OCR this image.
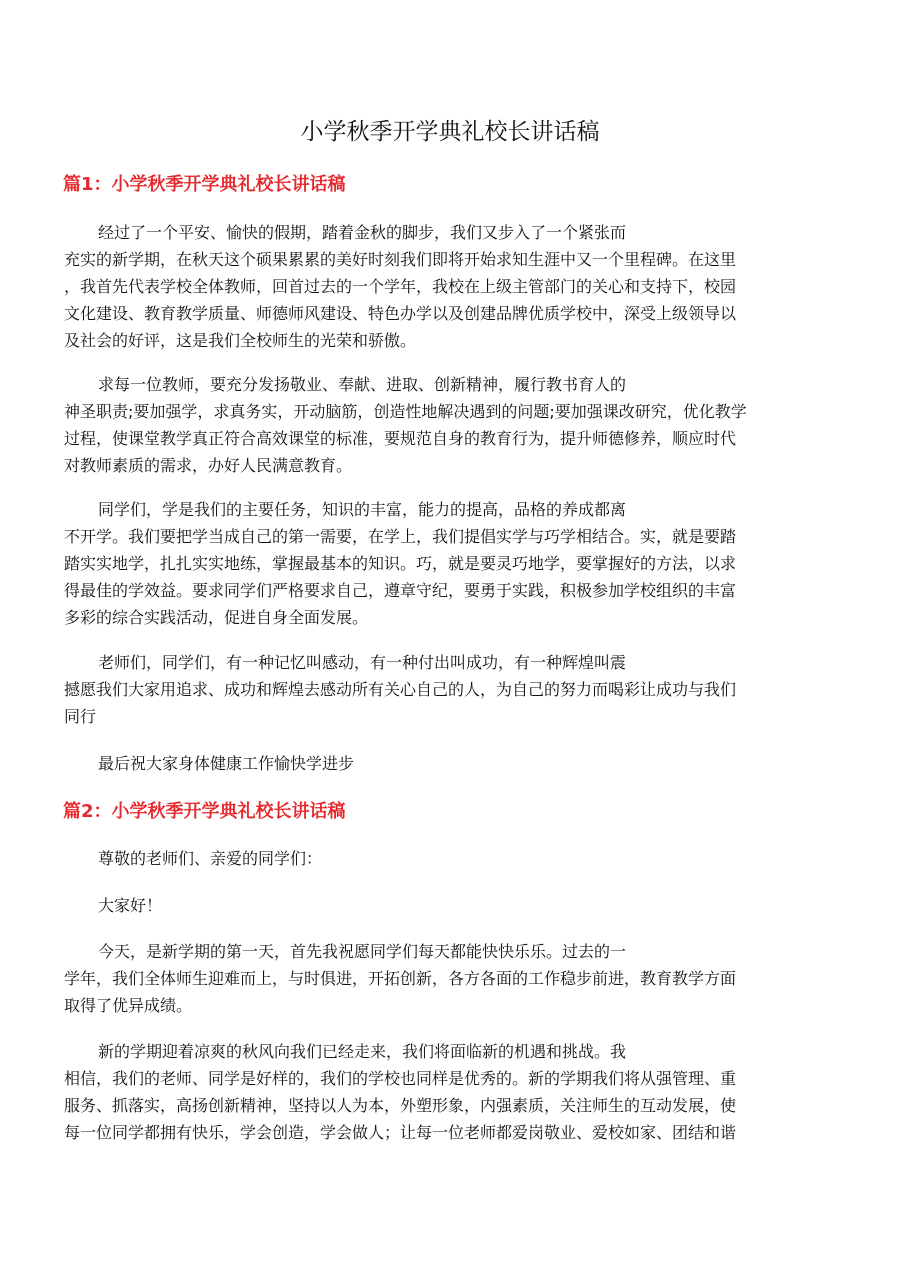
小学秋季开学典礼校长讲话稿
篇1：小学秋季开学典礼校长讲话稿
经过了一个平安、愉快的假期，踏着金秋的脚步，我们又步入了一个紧张而
充实的新学期，在秋天这个硕果累累的美好时刻我们即将开始求知生涯中又一个里程碑。在这里
，我首先代表学校全体教师，回首过去的一个学年，我校在上级主管部门的关心和支持下，校园
文化建设、教育教学质量、师德师风建设、特色办学以及创建品牌优质学校中，深受上级领导以
及社会的好评，这是我们全校师生的光荣和骄傲。
求每一位教师，要充分发扬敬业、奉献、进取、创新精神，履行教书育人的
神圣职责;要加强学，求真务实，开动脑筋，创造性地解决遇到的问题;要加强课改研究，优化教学
过程，使课堂教学真正符合高效课堂的标准，要规范自身的教育行为，提升师德修养，顺应时代
对教师素质的需求，办好人民满意教育。
同学们，学是我们的主要任务，知识的丰富，能力的提高，品格的养成都离
不开学。我们要把学当成自己的第一需要，在学上，我们提倡实学与巧学相结合。实，就是要踏
踏实实地学，扎扎实实地练，掌握最基本的知识。巧，就是要灵巧地学，要掌握好的方法，以求
得最佳的学效益。要求同学们严格要求自己，遵章守纪，要勇于实践，积极参加学校组织的丰富
多彩的综合实践活动，促进自身全面发展。
老师们，同学们，有一种记忆叫感动，有一种付出叫成功，有一种辉煌叫震
撼愿我们大家用追求、成功和辉煌去感动所有关心自己的人，为自己的努力而喝彩让成功与我们
同行
最后祝大家身体健康工作愉快学进步
篇2：小学秋季开学典礼校长讲话稿
尊敬的老师们、亲爱的同学们：
大家好！
今天，是新学期的第一天，首先我祝愿同学们每天都能快快乐乐。过去的一
学年，我们全体师生迎难而上，与时俱进，开拓创新，各方各面的工作稳步前进，教育教学方面
取得了优异成绩。
新的学期迎着凉爽的秋风向我们已经走来，我们将面临新的机遇和挑战。我
相信，我们的老师、同学是好样的，我们的学校也同样是优秀的。新的学期我们将从强管理、重
服务、抓落实，高扬创新精神，坚持以人为本，外塑形象，内强素质，关注师生的互动发展，使
每一位同学都拥有快乐，学会创造，学会做人；让每一位老师都爱岗敬业、爱校如家、团结和谐
